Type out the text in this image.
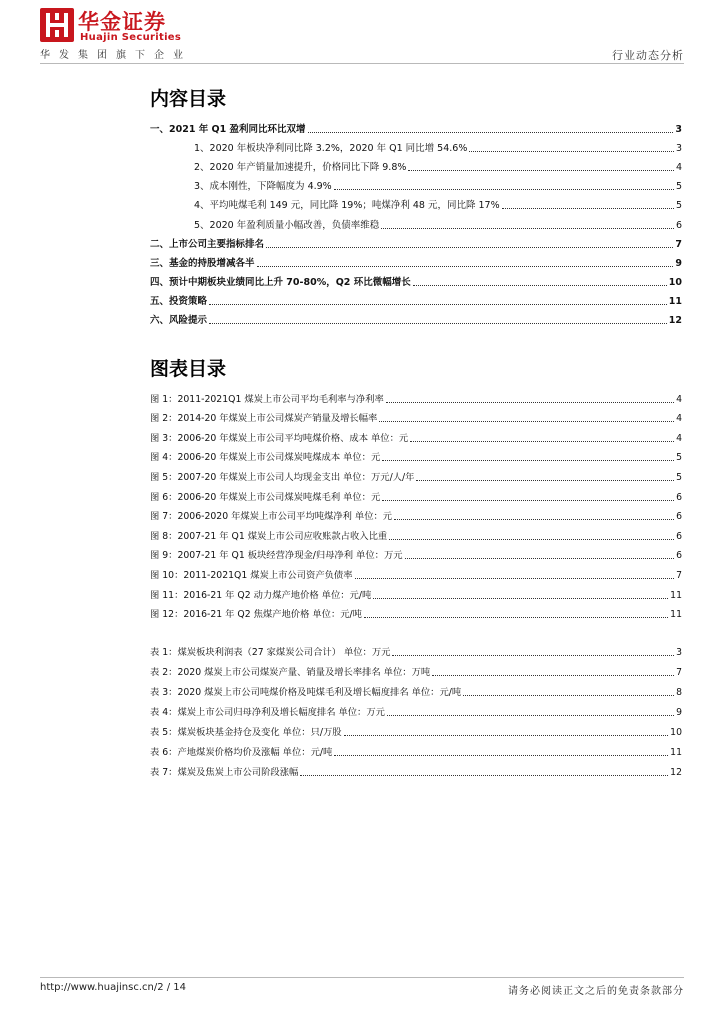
华金证券
Huajin Securities
华发集团旗下企业	行业动态分析
内容目录
一、2021 年 Q1 盈利同比环比双增	3
1、2020 年板块净利同比降 3.2%，2020 年 Q1 同比增 54.6%	3
2、2020 年产销量加速提升，价格同比下降 9.8%	4
3、成本刚性，下降幅度为 4.9%	5
4、平均吨煤毛利 149 元，同比降 19%；吨煤净利 48 元，同比降 17%	5
5、2020 年盈利质量小幅改善，负债率维稳	6
二、上市公司主要指标排名	7
三、基金的持股增减各半	9
四、预计中期板块业绩同比上升 70-80%，Q2 环比微幅增长	10
五、投资策略	11
六、风险提示	12
图表目录
图 1：2011-2021Q1 煤炭上市公司平均毛利率与净利率	4
图 2：2014-20 年煤炭上市公司煤炭产销量及增长幅率	4
图 3：2006-20 年煤炭上市公司平均吨煤价格、成本 单位：元	4
图 4：2006-20 年煤炭上市公司煤炭吨煤成本 单位：元	5
图 5：2007-20 年煤炭上市公司人均现金支出 单位：万元/人/年	5
图 6：2006-20 年煤炭上市公司煤炭吨煤毛利 单位：元	6
图 7：2006-2020 年煤炭上市公司平均吨煤净利 单位：元	6
图 8：2007-21 年 Q1 煤炭上市公司应收账款占收入比重	6
图 9：2007-21 年 Q1 板块经营净现金/归母净利 单位：万元	6
图 10：2011-2021Q1 煤炭上市公司资产负债率	7
图 11：2016-21 年 Q2 动力煤产地价格 单位：元/吨	11
图 12：2016-21 年 Q2 焦煤产地价格 单位：元/吨	11
表 1：煤炭板块利润表（27 家煤炭公司合计） 单位：万元	3
表 2：2020 煤炭上市公司煤炭产量、销量及增长率排名 单位：万吨	7
表 3：2020 煤炭上市公司吨煤价格及吨煤毛利及增长幅度排名 单位：元/吨	8
表 4：煤炭上市公司归母净利及增长幅度排名 单位：万元	9
表 5：煤炭板块基金持仓及变化 单位：只/万股	10
表 6：产地煤炭价格均价及涨幅 单位：元/吨	11
表 7：煤炭及焦炭上市公司阶段涨幅	12
http://www.huajinsc.cn/2 / 14	请务必阅读正文之后的免责条款部分
